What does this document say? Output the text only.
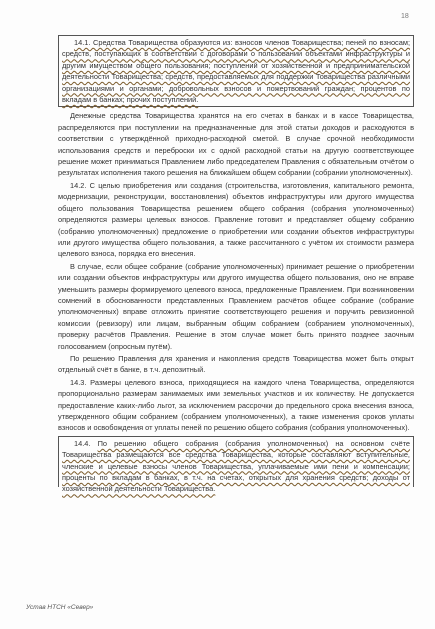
18

14.1. Средства Товарищества образуются из: взносов членов Товарищества; пеней по взносам; средств, поступающих в соответствии с договорами о пользовании объектами инфраструктуры и другим имуществом общего пользования; поступлений от хозяйственной и предпринимательской деятельности Товарищества; средств, предоставляемых для поддержки Товарищества различными организациями и органами; добровольных взносов и пожертвований граждан; процентов по вкладам в банках; прочих поступлений.

Денежные средства Товарищества хранятся на его счетах в банках и в кассе Товарищества, распределяются при поступлении на предназначенные для этой статьи доходов и расходуются в соответствии с утверждённой приходно-расходной сметой. В случае срочной необходимости использования средств и переброски их с одной расходной статьи на другую соответствующее решение может приниматься Правлением либо председателем Правления с обязательным отчётом о результатах исполнения такого решения на ближайшем общем собрании (собрании уполномоченных).

14.2. С целью приобретения или создания (строительства, изготовления, капитального ремонта, модернизации, реконструкции, восстановления) объектов инфраструктуры или другого имущества общего пользования Товарищества решением общего собрания (собрания уполномоченных) определяются размеры целевых взносов. Правление готовит и представляет общему собранию (собранию уполномоченных) предложение о приобретении или создании объектов инфраструктуры или другого имущества общего пользования, а также рассчитанного с учётом их стоимости размера целевого взноса, порядка его внесения.

В случае, если общее собрание (собрание уполномоченных) принимает решение о приобретении или создании объектов инфраструктуры или другого имущества общего пользования, оно не вправе уменьшить размеры формируемого целевого взноса, предложенные Правлением. При возникновении сомнений в обоснованности представленных Правлением расчётов общее собрание (собрание уполномоченных) вправе отложить принятие соответствующего решения и поручить ревизионной комиссии (ревизору) или лицам, выбранным общим собранием (собранием уполномоченных), проверку расчётов Правления. Решение в этом случае может быть принято позднее заочным голосованием (опросным путём).

По решению Правления для хранения и накопления средств Товарищества может быть открыт отдельный счёт в банке, в т.ч. депозитный.

14.3. Размеры целевого взноса, приходящиеся на каждого члена Товарищества, определяются пропорционально размерам занимаемых ими земельных участков и их количеству. Не допускается предоставление каких-либо льгот, за исключением рассрочки до предельного срока внесения взноса, утвержденного общим собранием (собранием уполномоченных), а также изменения сроков уплаты взносов и освобождения от уплаты пеней по решению общего собрания (собрания уполномоченных).

14.4. По решению общего собрания (собрания уполномоченных) на основном счёте Товарищества размещаются все средства Товарищества, которые составляют вступительные, членские и целевые взносы членов Товарищества, уплачиваемые ими пени и компенсации; проценты по вкладам в банках, в т.ч. на счетах, открытых для хранения средств; доходы от хозяйственной деятельности Товарищества.

Устав НТСН «Север»
